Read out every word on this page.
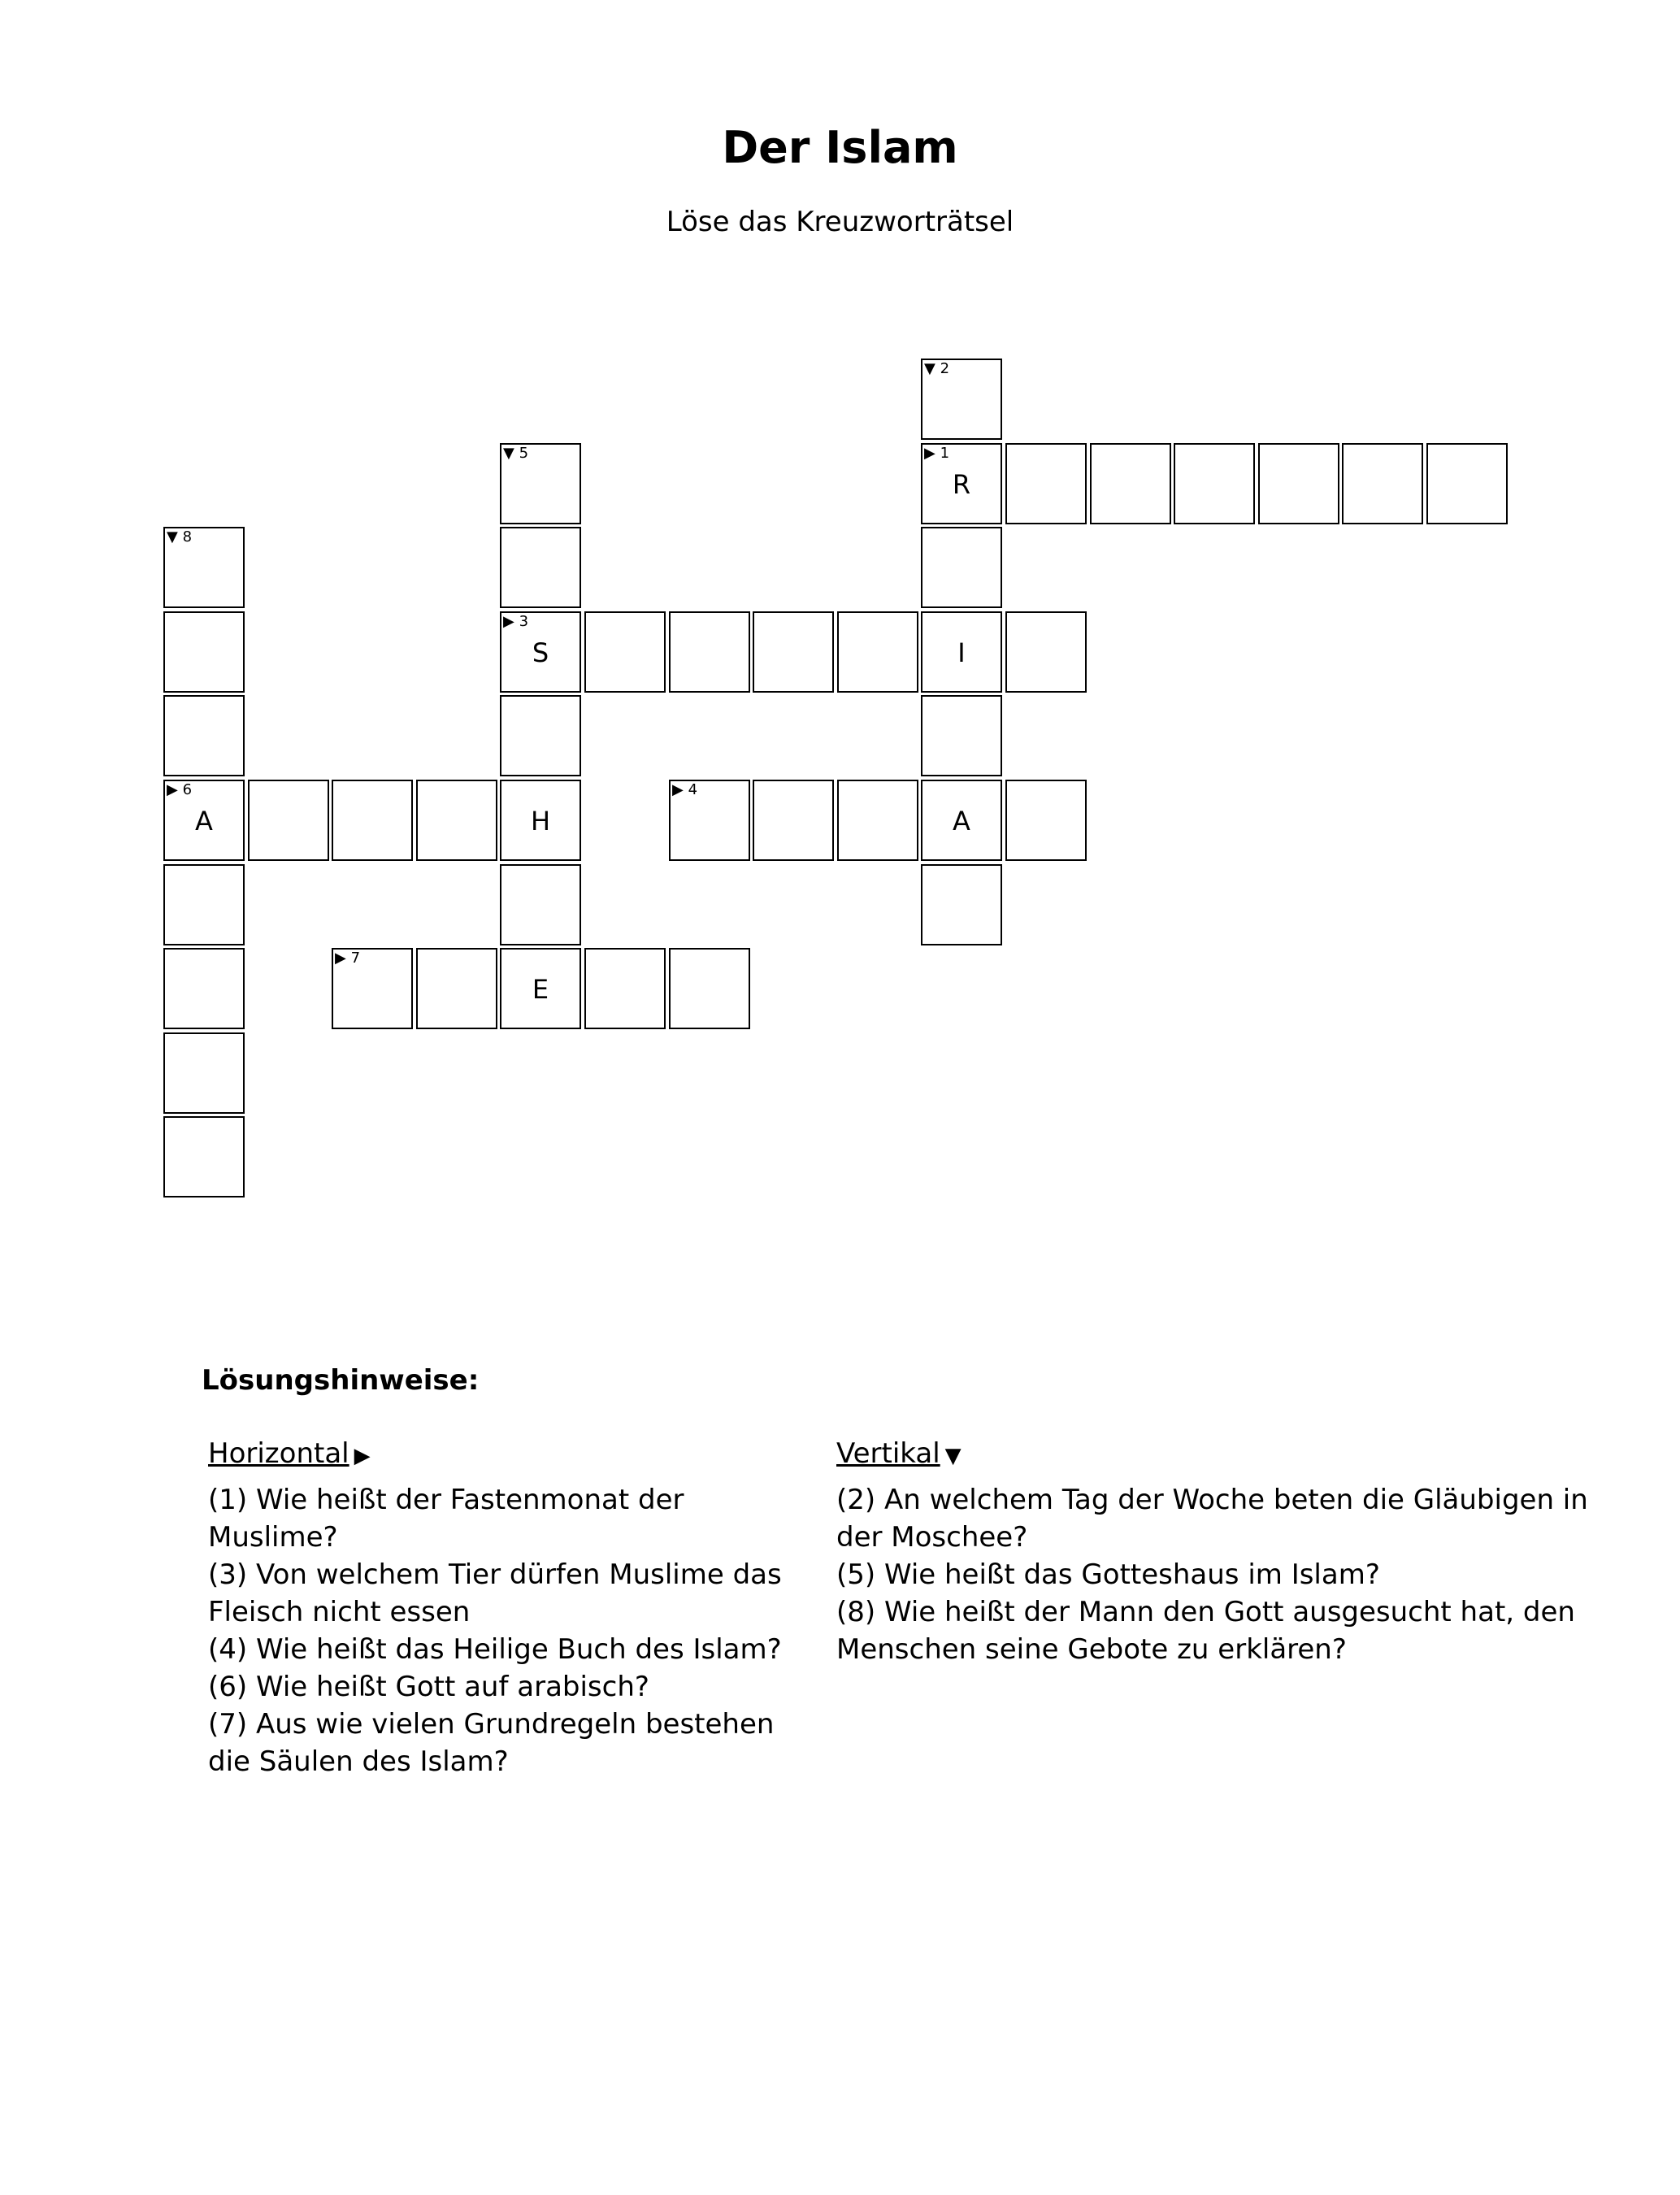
Der Islam
Löse das Kreuzworträtsel
▼ 2
▼ 5	▶ 1
R
▼ 8
▶ 3
S	I
▶ 6
A	H
▶ 4
A
▶ 7
E
Lösungshinweise:
Horizontal ▶

(1) Wie heißt der Fastenmonat der Muslime?

(3) Von welchem Tier dürfen Muslime das Fleisch nicht essen

(4) Wie heißt das Heilige Buch des Islam?

(6) Wie heißt Gott auf arabisch?

(7) Aus wie vielen Grundregeln bestehen die Säulen des Islam?

Vertikal ▼

(2) An welchem Tag der Woche beten die Gläubigen in der Moschee?

(5) Wie heißt das Gotteshaus im Islam?

(8) Wie heißt der Mann den Gott ausgesucht hat, den Menschen seine Gebote zu erklären?
